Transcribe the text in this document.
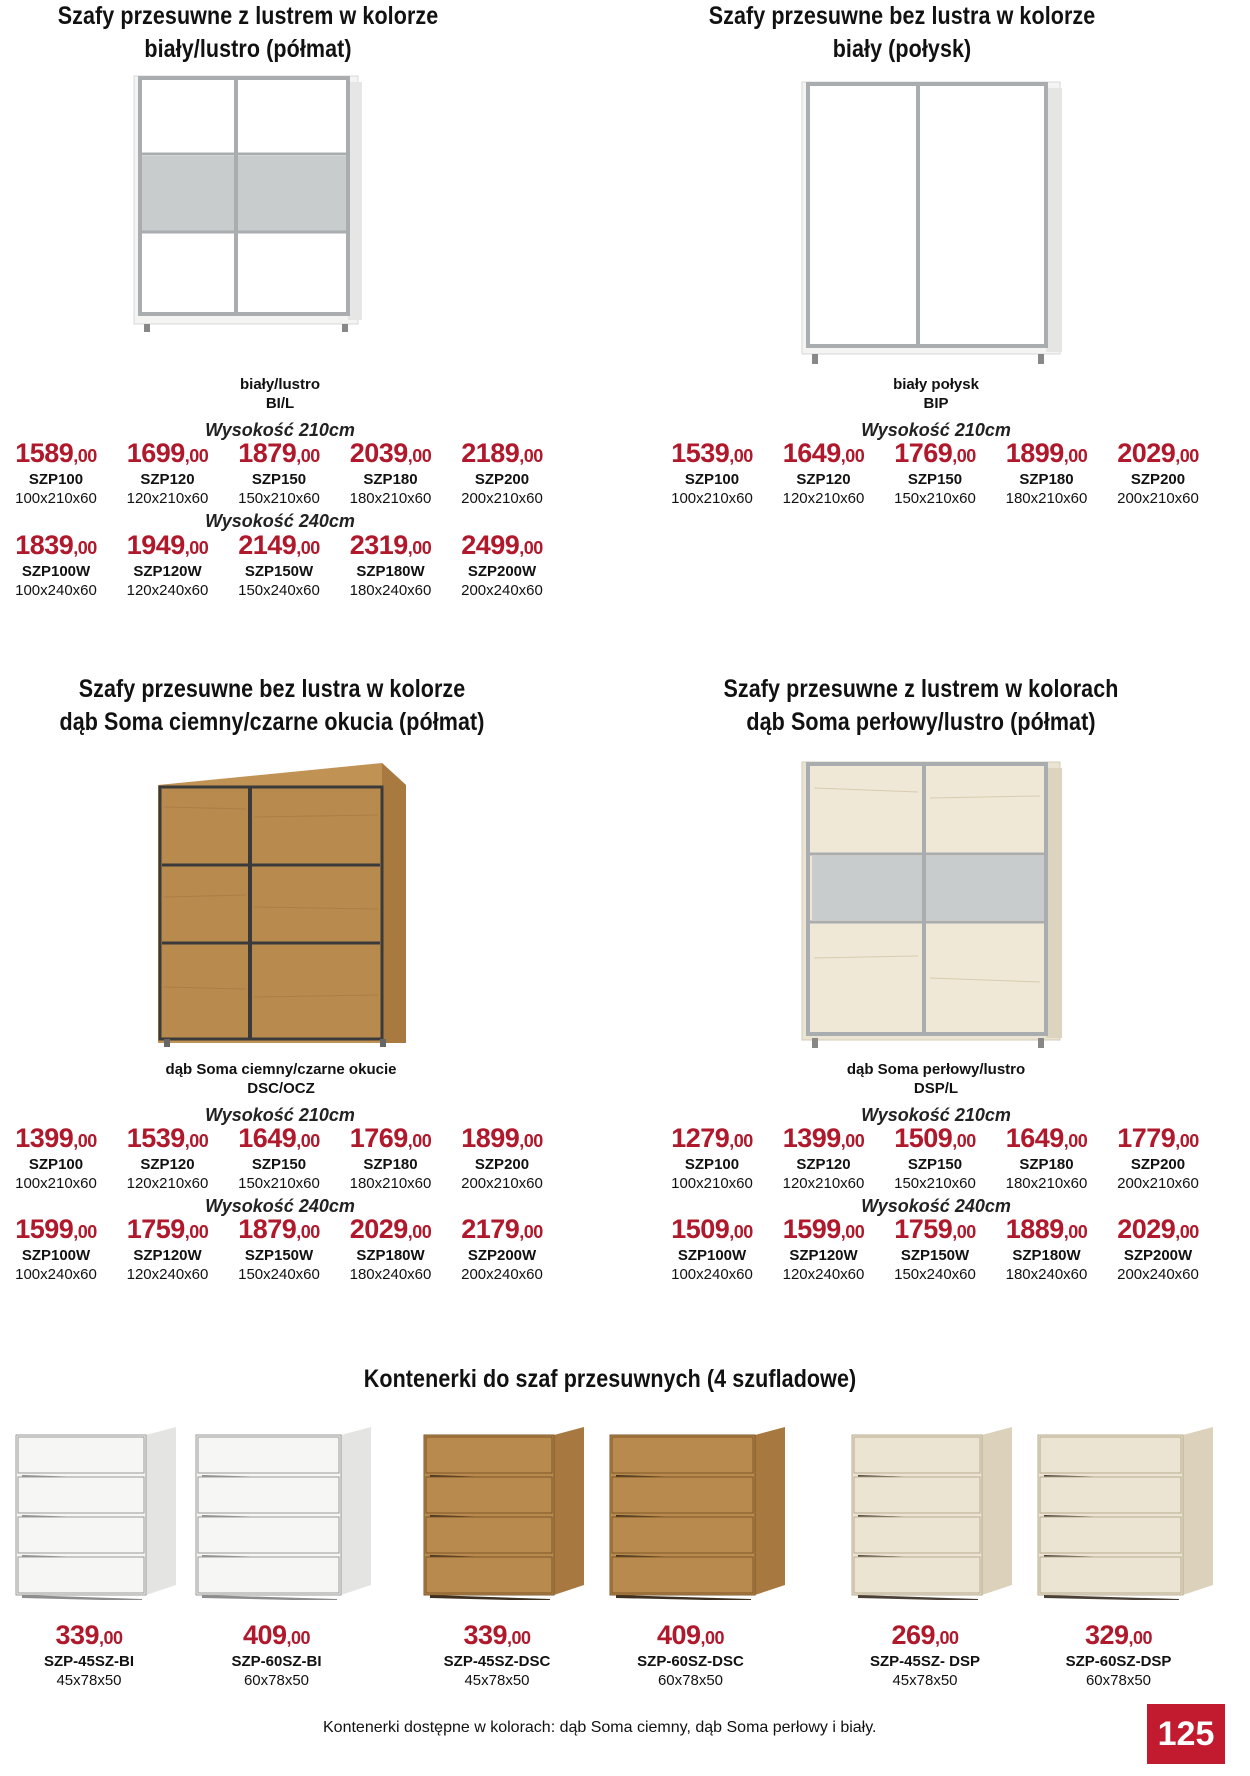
Szafy przesuwne z lustrem w kolorze
biały/lustro (półmat)
biały/lustro
BI/L
Wysokość 210cm
1589,00
SZP100
100x210x60
1699,00
SZP120
120x210x60
1879,00
SZP150
150x210x60
2039,00
SZP180
180x210x60
2189,00
SZP200
200x210x60
Wysokość 240cm
1839,00
SZP100W
100x240x60
1949,00
SZP120W
120x240x60
2149,00
SZP150W
150x240x60
2319,00
SZP180W
180x240x60
2499,00
SZP200W
200x240x60
Szafy przesuwne bez lustra w kolorze
biały (połysk)
biały połysk
BIP
Wysokość 210cm
1539,00
SZP100
100x210x60
1649,00
SZP120
120x210x60
1769,00
SZP150
150x210x60
1899,00
SZP180
180x210x60
2029,00
SZP200
200x210x60
Szafy przesuwne bez lustra w kolorze
dąb Soma ciemny/czarne okucia (półmat)
dąb Soma ciemny/czarne okucie
DSC/OCZ
Wysokość 210cm
1399,00
SZP100
100x210x60
1539,00
SZP120
120x210x60
1649,00
SZP150
150x210x60
1769,00
SZP180
180x210x60
1899,00
SZP200
200x210x60
Wysokość 240cm
1599,00
SZP100W
100x240x60
1759,00
SZP120W
120x240x60
1879,00
SZP150W
150x240x60
2029,00
SZP180W
180x240x60
2179,00
SZP200W
200x240x60
Szafy przesuwne z lustrem w kolorach
dąb Soma perłowy/lustro (półmat)
dąb Soma perłowy/lustro
DSP/L
Wysokość 210cm
1279,00
SZP100
100x210x60
1399,00
SZP120
120x210x60
1509,00
SZP150
150x210x60
1649,00
SZP180
180x210x60
1779,00
SZP200
200x210x60
Wysokość 240cm
1509,00
SZP100W
100x240x60
1599,00
SZP120W
120x240x60
1759,00
SZP150W
150x240x60
1889,00
SZP180W
180x240x60
2029,00
SZP200W
200x240x60
Kontenerki do szaf przesuwnych (4 szufladowe)
339,00
SZP-45SZ-BI
45x78x50
409,00
SZP-60SZ-BI
60x78x50
339,00
SZP-45SZ-DSC
45x78x50
409,00
SZP-60SZ-DSC
60x78x50
269,00
SZP-45SZ- DSP
45x78x50
329,00
SZP-60SZ-DSP
60x78x50
Kontenerki dostępne w kolorach: dąb Soma ciemny, dąb Soma perłowy i biały.	125
